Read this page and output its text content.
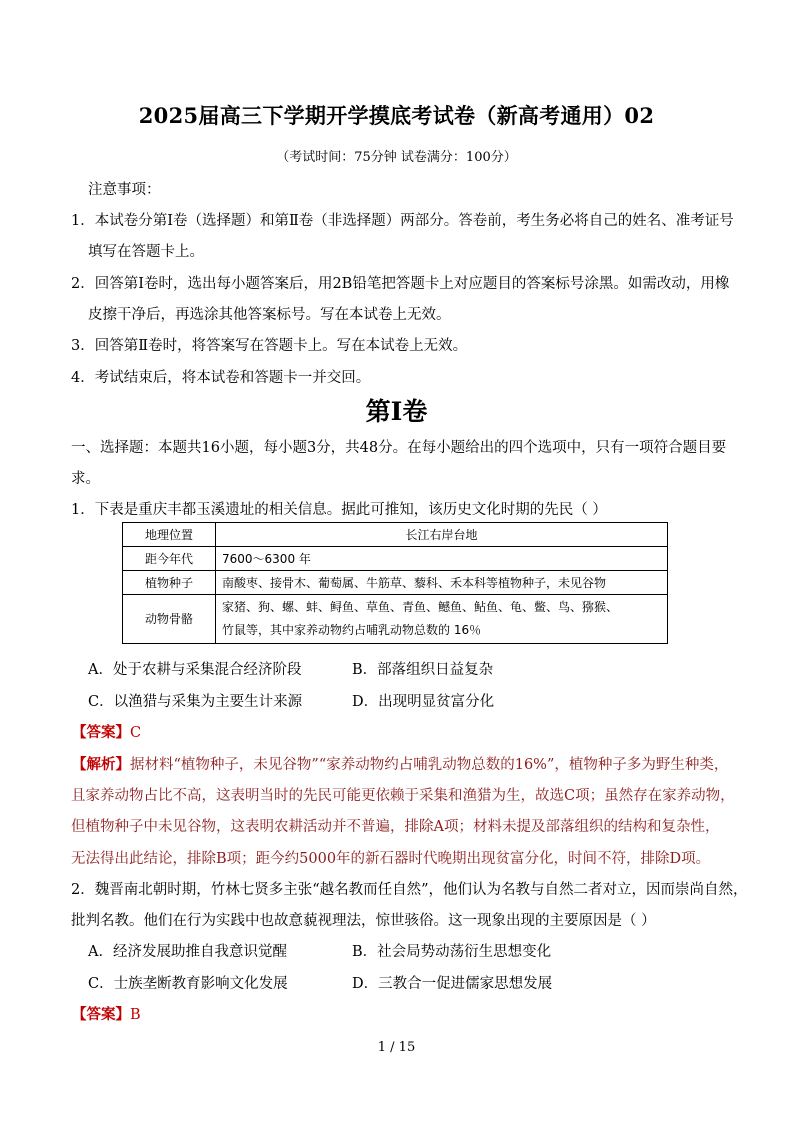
2025届高三下学期开学摸底考试卷（新高考通用）02
（考试时间：75分钟 试卷满分：100分）
注意事项：
1．本试卷分第Ⅰ卷（选择题）和第Ⅱ卷（非选择题）两部分。答卷前，考生务必将自己的姓名、准考证号
填写在答题卡上。
2．回答第Ⅰ卷时，选出每小题答案后，用2B铅笔把答题卡上对应题目的答案标号涂黑。如需改动，用橡
皮擦干净后，再选涂其他答案标号。写在本试卷上无效。
3．回答第Ⅱ卷时，将答案写在答题卡上。写在本试卷上无效。
4．考试结束后，将本试卷和答题卡一并交回。
第Ⅰ卷
一、选择题：本题共16小题，每小题3分，共48分。在每小题给出的四个选项中，只有一项符合题目要
求。
1．下表是重庆丰都玉溪遗址的相关信息。据此可推知，该历史文化时期的先民（ ）
地理位置	长江右岸台地
距今年代	7600～6300 年
植物种子	南酸枣、接骨木、葡萄属、牛筋草、藜科、禾本科等植物种子，未见谷物
动物骨骼	家猪、狗、螺、蚌、鲟鱼、草鱼、青鱼、鳡鱼、鲇鱼、龟、鳖、鸟、猕猴、
竹鼠等，其中家养动物约占哺乳动物总数的 16％
A．处于农耕与采集混合经济阶段	B．部落组织日益复杂
C．以渔猎与采集为主要生计来源	D．出现明显贫富分化
【答案】C
【解析】据材料“植物种子，未见谷物”“家养动物约占哺乳动物总数的16%”，植物种子多为野生种类，
且家养动物占比不高，这表明当时的先民可能更依赖于采集和渔猎为生，故选C项；虽然存在家养动物，
但植物种子中未见谷物，这表明农耕活动并不普遍，排除A项；材料未提及部落组织的结构和复杂性，
无法得出此结论，排除B项；距今约5000年的新石器时代晚期出现贫富分化，时间不符，排除D项。
2．魏晋南北朝时期，竹林七贤多主张“越名教而任自然”，他们认为名教与自然二者对立，因而崇尚自然，
批判名教。他们在行为实践中也故意藐视理法，惊世骇俗。这一现象出现的主要原因是（ ）
A．经济发展助推自我意识觉醒	B．社会局势动荡衍生思想变化
C．士族垄断教育影响文化发展	D．三教合一促进儒家思想发展
【答案】B
1 / 15
